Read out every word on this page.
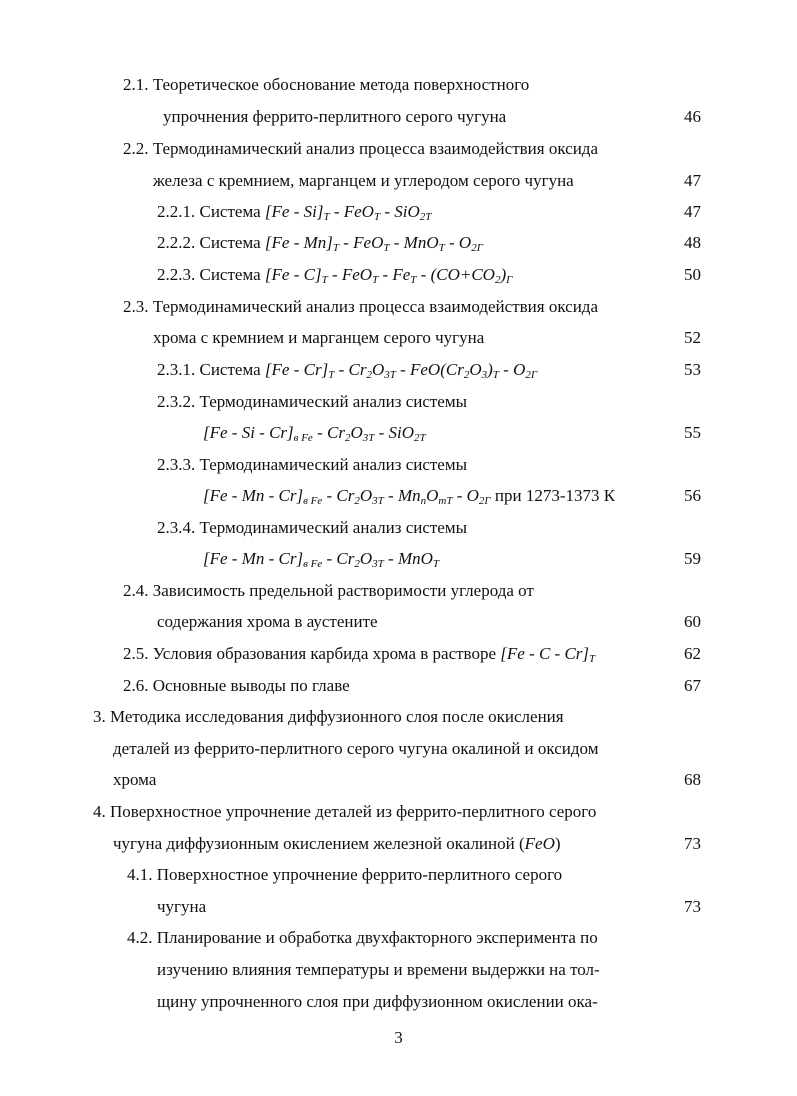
2.1. Теоретическое обоснование метода поверхностного
упрочнения феррито-перлитного серого чугуна	46
2.2. Термодинамический анализ процесса взаимодействия оксида
железа с кремнием, марганцем и углеродом серого чугуна	47
2.2.1. Система $[Fe - Si]_T - FeO_T - SiO_{2T}$	47
2.2.2. Система $[Fe - Mn]_T - FeO_T - MnO_T - O_{2Г}$	48
2.2.3. Система $[Fe - C]_T - FeO_T - Fe_T - (CO+CO_2)_Г$	50
2.3. Термодинамический анализ процесса взаимодействия оксида
хрома с кремнием и марганцем серого чугуна	52
2.3.1. Система $[Fe - Cr]_T - Cr_2O_{3T} - FeO(Cr_2O_3)_T - O_{2Г}$	53
2.3.2. Термодинамический анализ системы
[Fe - Si - $Cr]_{в Fe} - Cr_2O_{3T} - SiO_{2T}$	55
2.3.3. Термодинамический анализ системы
[Fe - Mn - $Cr]_{в Fe} - Cr_2O_{3T} - Mn_nO_{mT} - O_{2Г}$ при 1273-1373 К	56
2.3.4. Термодинамический анализ системы
[Fe - Mn - $Cr]_{в Fe} - Cr_2O_{3T} - MnO_T$	59
2.4. Зависимость предельной растворимости углерода от
содержания хрома в аустените	60
2.5. Условия образования карбида хрома в растворе [Fe - C - $Cr]_T$	62
2.6. Основные выводы по главе	67
3. Методика исследования диффузионного слоя после окисления
деталей из феррито-перлитного серого чугуна окалиной и оксидом
хрома	68
4. Поверхностное упрочнение деталей из феррито-перлитного серого
чугуна диффузионным окислением железной окалиной (FeO)	73
4.1. Поверхностное упрочнение феррито-перлитного серого
чугуна	73
4.2. Планирование и обработка двухфакторного эксперимента по
изучению влияния температуры и времени выдержки на тол-
щину упрочненного слоя при диффузионном окислении ока-
3
